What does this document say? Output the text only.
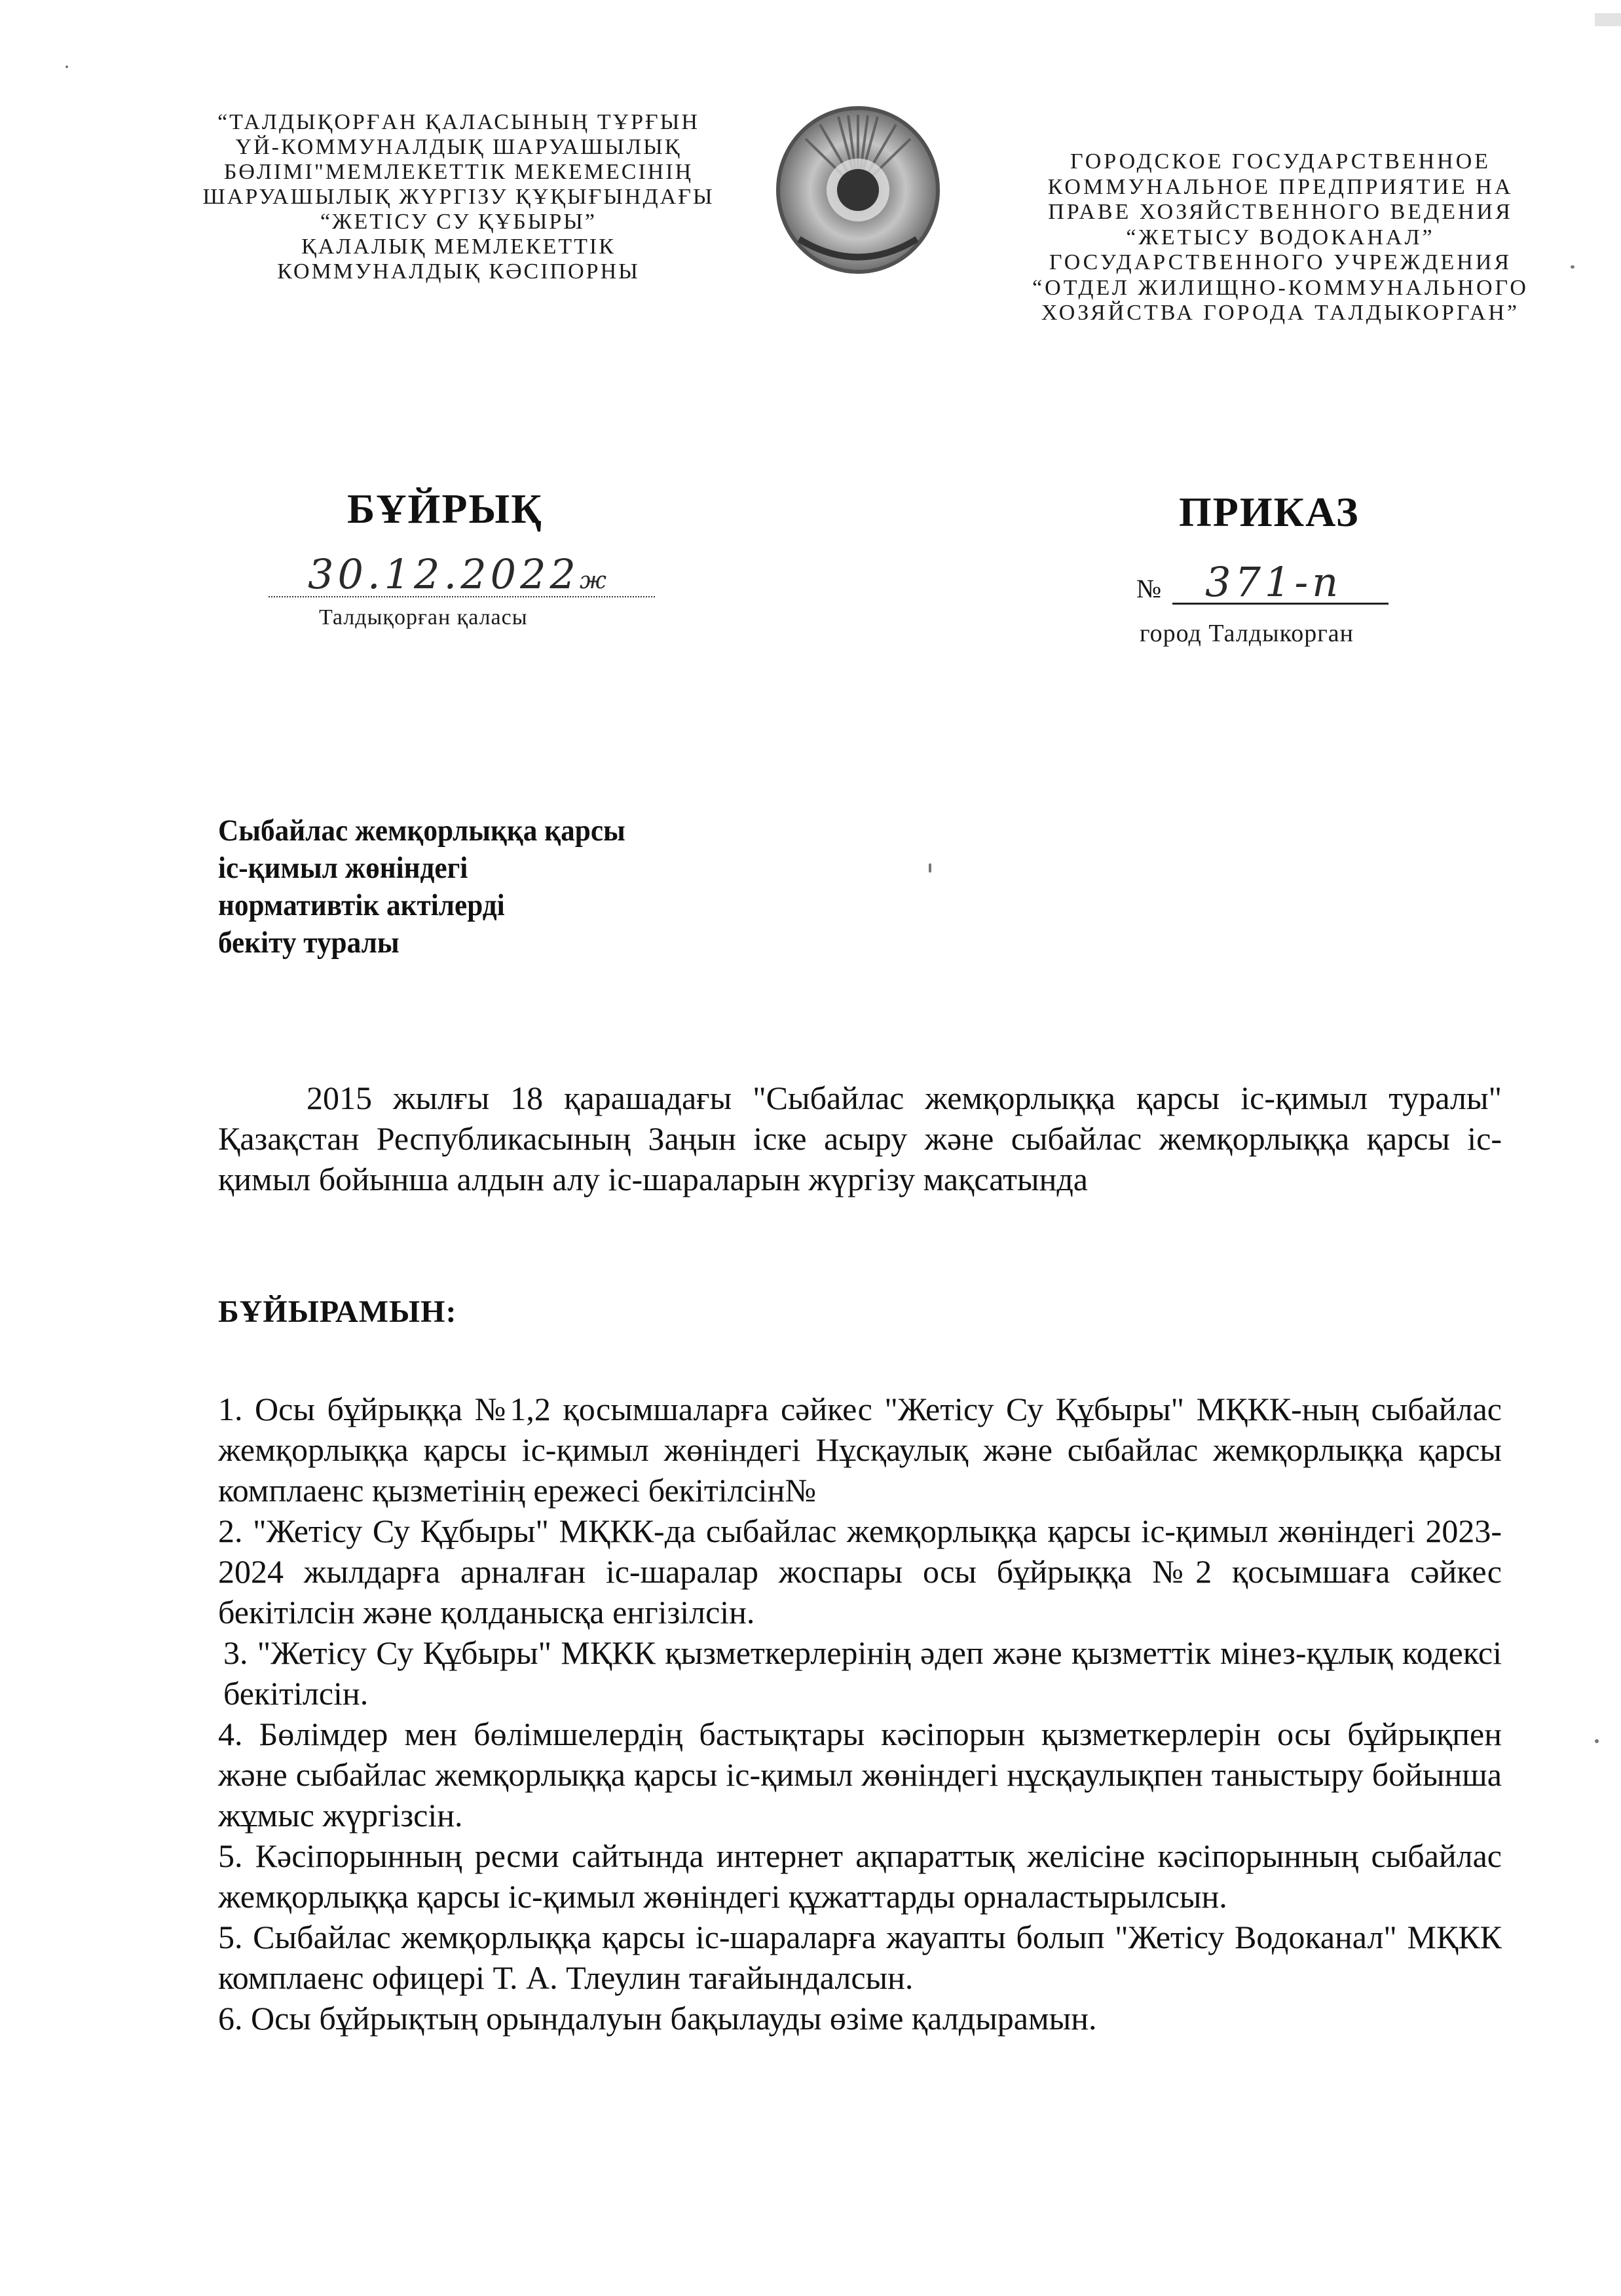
“ТАЛДЫҚОРҒАН ҚАЛАСЫНЫҢ ТҰРҒЫН
ҮЙ-КОММУНАЛДЫҚ ШАРУАШЫЛЫҚ
БӨЛІМІ"МЕМЛЕКЕТТІК МЕКЕМЕСІНІҢ
ШАРУАШЫЛЫҚ ЖҮРГІЗУ ҚҰҚЫҒЫНДАҒЫ
“ЖЕТІСУ СУ ҚҰБЫРЫ”
ҚАЛАЛЫҚ МЕМЛЕКЕТТІК
КОММУНАЛДЫҚ КӘСІПОРНЫ
ГОРОДСКОЕ ГОСУДАРСТВЕННОЕ
КОММУНАЛЬНОЕ ПРЕДПРИЯТИЕ НА
ПРАВЕ ХОЗЯЙСТВЕННОГО ВЕДЕНИЯ
“ЖЕТЫСУ ВОДОКАНАЛ”
ГОСУДАРСТВЕННОГО УЧРЕЖДЕНИЯ
“ОТДЕЛ ЖИЛИЩНО-КОММУНАЛЬНОГО
ХОЗЯЙСТВА ГОРОДА ТАЛДЫКОРГАН”
БҰЙРЫҚ	ПРИКАЗ
30.12.2022ж
Талдықорған қаласы
№ 371-п
город Талдыкорган
Сыбайлас жемқорлыққа қарсы
іс-қимыл жөніндегі
нормативтік актілерді
бекіту туралы

2015 жылғы 18 қарашадағы "Сыбайлас жемқорлыққа қарсы іс-қимыл туралы" Қазақстан Республикасының Заңын іске асыру және сыбайлас жемқорлыққа қарсы іс-қимыл бойынша алдын алу іс-шараларын жүргізу мақсатында

БҰЙЫРАМЫН:

1. Осы бұйрыққа №1,2 қосымшаларға сәйкес "Жетісу Су Құбыры" МҚКК-ның сыбайлас жемқорлыққа қарсы іс-қимыл жөніндегі Нұсқаулық және сыбайлас жемқорлыққа қарсы комплаенс қызметінің ережесі бекітілсін№

2. "Жетісу Су Құбыры" МҚКК-да сыбайлас жемқорлыққа қарсы іс-қимыл жөніндегі 2023-2024 жылдарға арналған іс-шаралар жоспары осы бұйрыққа №2 қосымшаға сәйкес бекітілсін және қолданысқа енгізілсін.

3. "Жетісу Су Құбыры" МҚКК қызметкерлерінің әдеп және қызметтік мінез-құлық кодексі бекітілсін.

4. Бөлімдер мен бөлімшелердің бастықтары кәсіпорын қызметкерлерін осы бұйрықпен және сыбайлас жемқорлыққа қарсы іс-қимыл жөніндегі нұсқаулықпен таныстыру бойынша жұмыс жүргізсін.

5. Кәсіпорынның ресми сайтында интернет ақпараттық желісіне кәсіпорынның сыбайлас жемқорлыққа қарсы іс-қимыл жөніндегі құжаттарды орналастырылсын.

5. Сыбайлас жемқорлыққа қарсы іс-шараларға жауапты болып "Жетісу Водоканал" МҚКК комплаенс офицері Т. А. Тлеулин тағайындалсын.

6. Осы бұйрықтың орындалуын бақылауды өзіме қалдырамын.
